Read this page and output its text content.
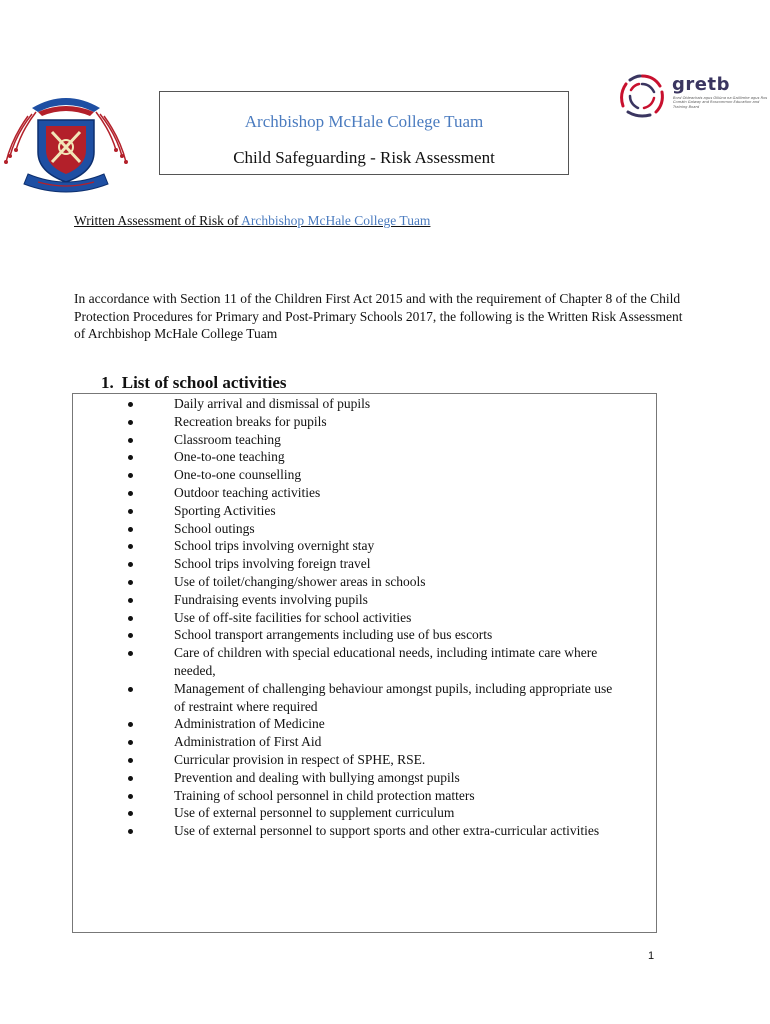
gretb
Bord Oideachais agus Oiliúna na Gaillimhe agus Ros Comáin Galway and Roscommon Education and Training Board
Archbishop McHale College Tuam
Child Safeguarding - Risk Assessment
Written Assessment of Risk of Archbishop McHale College Tuam
In accordance with Section 11 of the Children First Act 2015 and with the requirement of Chapter 8 of the Child Protection Procedures for Primary and Post-Primary Schools 2017, the following is the Written Risk Assessment of Archbishop McHale College Tuam
1. List of school activities
Daily arrival and dismissal of pupils
Recreation breaks for pupils
Classroom teaching
One-to-one teaching
One-to-one counselling
Outdoor teaching activities
Sporting Activities
School outings
School trips involving overnight stay
School trips involving foreign travel
Use of toilet/changing/shower areas in schools
Fundraising events involving pupils
Use of off-site facilities for school activities
School transport arrangements including use of bus escorts
Care of children with special educational needs, including intimate care where needed,
Management of challenging behaviour amongst pupils, including appropriate use of restraint where required
Administration of Medicine
Administration of First Aid
Curricular provision in respect of SPHE, RSE.
Prevention and dealing with bullying amongst pupils
Training of school personnel in child protection matters
Use of external personnel to supplement curriculum
Use of external personnel to support sports and other extra-curricular activities
1
